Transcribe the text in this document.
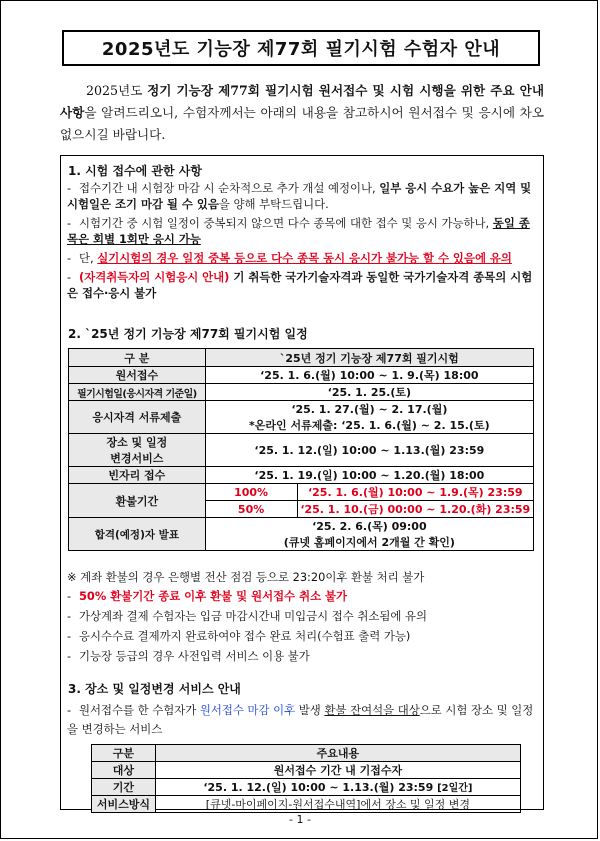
2025년도 기능장 제77회 필기시험 수험자 안내
2025년도 정기 기능장 제77회 필기시험 원서접수 및 시험 시행을 위한 주요 안내사항을 알려드리오니, 수험자께서는 아래의 내용을 참고하시어 원서접수 및 응시에 차오 없으시길 바랍니다.
1. 시험 접수에 관한 사항
- 접수기간 내 시험장 마감 시 순차적으로 추가 개설 예정이나, 일부 응시 수요가 높은 지역 및 시험일은 조기 마감 될 수 있음을 양해 부탁드립니다.
- 시험기간 중 시험 일정이 중복되지 않으면 다수 종목에 대한 접수 및 응시 가능하나, 동일 종목은 회별 1회만 응시 가능
- 단, 실기시험의 경우 일정 중복 등으로 다수 종목 동시 응시가 불가능 할 수 있음에 유의
- (자격취득자의 시험응시 안내) 기 취득한 국가기술자격과 동일한 국가기술자격 종목의 시험은 접수·응시 불가
2. `25년 정기 기능장 제77회 필기시험 일정
구 분	`25년 정기 기능장 제77회 필기시험	
원서접수	‘25. 1. 6.(월) 10:00 ~ 1. 9.(목) 18:00	
필기시험일(응시자격 기준일)	‘25. 1. 25.(토)	
응시자격 서류제출	‘25. 1. 27.(월) ~ 2. 17.(월)
*온라인 서류제출: ‘25. 1. 6.(월) ~ 2. 15.(토)	

장소 및 일정
변경서비스	‘25. 1. 12.(일) 10:00 ~ 1.13.(월) 23:59	
빈자리 접수	‘25. 1. 19.(일) 10:00 ~ 1.20.(월) 18:00	
환불기간	100%	‘25. 1. 6.(월) 10:00 ~ 1.9.(목) 23:59
	50%	‘25. 1. 10.(금) 00:00 ~ 1.20.(화) 23:59
합격(예정)자 발표	‘25. 2. 6.(목) 09:00
(큐넷 홈페이지에서 2개월 간 확인)	
※ 계좌 환불의 경우 은행별 전산 점검 등으로 23:20이후 환불 처리 불가
- 50% 환불기간 종료 이후 환불 및 원서접수 취소 불가
- 가상계좌 결제 수험자는 입금 마감시간내 미입금시 접수 취소됨에 유의
- 응시수수료 결제까지 완료하여야 접수 완료 처리(수험표 출력 가능)
- 기능장 등급의 경우 사전입력 서비스 이용 불가
3. 장소 및 일정변경 서비스 안내
- 원서접수를 한 수험자가 원서접수 마감 이후 발생 환불 잔여석을 대상으로 시험 장소 및 일정을 변경하는 서비스
구분	주요내용
대상	원서접수 기간 내 기접수자
기간	‘25. 1. 12.(일) 10:00 ~ 1.13.(월) 23:59 [2일간]
서비스방식	[큐넷-마이페이지-원서접수내역]에서 장소 및 일정 변경
- 1 -
